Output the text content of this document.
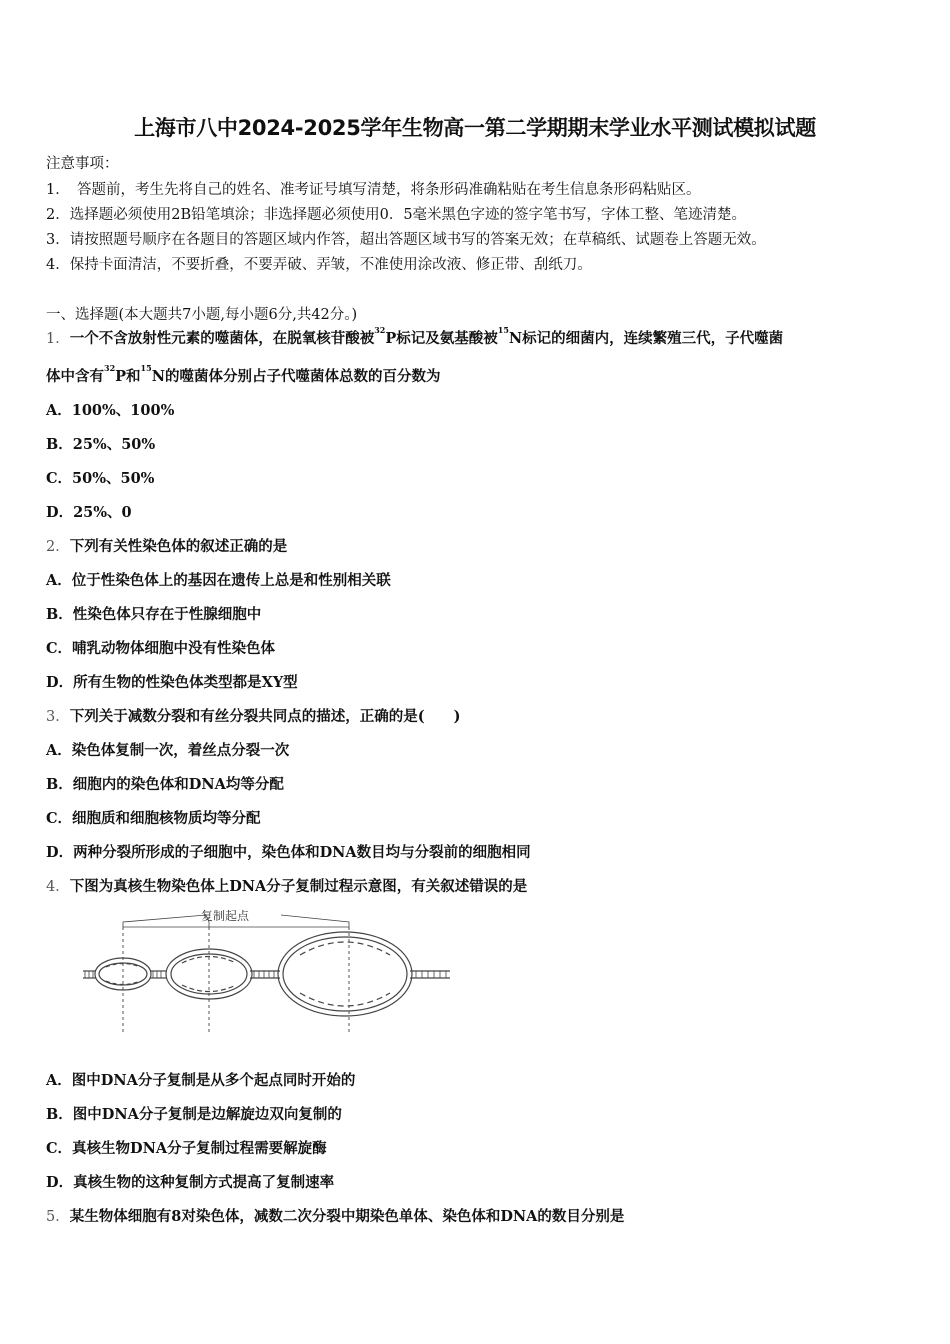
上海市八中2024-2025学年生物高一第二学期期末学业水平测试模拟试题
注意事项：
1．　答题前，考生先将自己的姓名、准考证号填写清楚，将条形码准确粘贴在考生信息条形码粘贴区。
2．选择题必须使用2B铅笔填涂；非选择题必须使用0．5毫米黑色字迹的签字笔书写，字体工整、笔迹清楚。
3．请按照题号顺序在各题目的答题区域内作答，超出答题区域书写的答案无效；在草稿纸、试题卷上答题无效。
4．保持卡面清洁，不要折叠，不要弄破、弄皱，不准使用涂改液、修正带、刮纸刀。
一、选择题(本大题共7小题,每小题6分,共42分。)
1．一个不含放射性元素的噬菌体，在脱氧核苷酸被$^{32}$P标记及氨基酸被$^{15}$N标记的细菌内，连续繁殖三代，子代噬菌
体中含有$^{32}$P和$^{15}$N的噬菌体分别占子代噬菌体总数的百分数为
A．100%、100%
B．25%、50%
C．50%、50%
D．25%、0
2．下列有关性染色体的叙述正确的是
A．位于性染色体上的基因在遗传上总是和性别相关联
B．性染色体只存在于性腺细胞中
C．哺乳动物体细胞中没有性染色体
D．所有生物的性染色体类型都是XY型
3．下列关于减数分裂和有丝分裂共同点的描述，正确的是(　　)
A．染色体复制一次，着丝点分裂一次
B．细胞内的染色体和DNA均等分配
C．细胞质和细胞核物质均等分配
D．两种分裂所形成的子细胞中，染色体和DNA数目均与分裂前的细胞相同
4．下图为真核生物染色体上DNA分子复制过程示意图，有关叙述错误的是
复制起点
A．图中DNA分子复制是从多个起点同时开始的
B．图中DNA分子复制是边解旋边双向复制的
C．真核生物DNA分子复制过程需要解旋酶
D．真核生物的这种复制方式提高了复制速率
5．某生物体细胞有8对染色体，减数二次分裂中期染色单体、染色体和DNA的数目分别是
